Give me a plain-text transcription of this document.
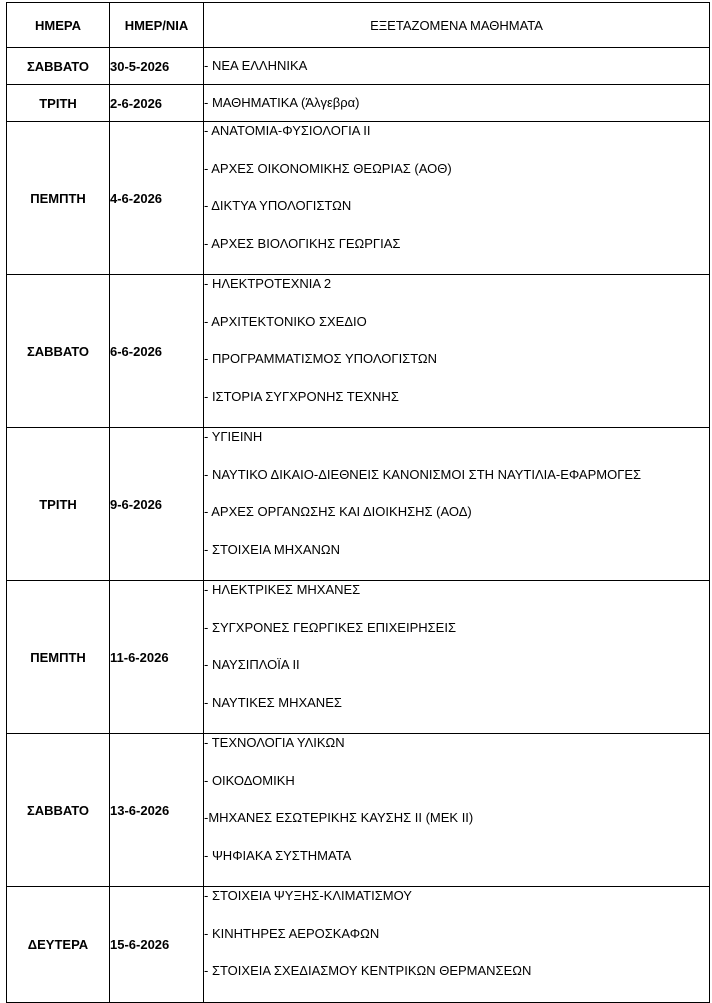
ΗΜΕΡΑ	ΗΜΕΡ/ΝΙΑ	ΕΞΕΤΑΖΟΜΕΝΑ ΜΑΘΗΜΑΤΑ
ΣΑΒΒΑΤΟ	30-5-2026	- ΝΕΑ ΕΛΛΗΝΙΚΑ

ΤΡΙΤΗ	2-6-2026	- ΜΑΘΗΜΑΤΙΚΑ (Άλγεβρα)

ΠΕΜΠΤΗ	4-6-2026	- ΑΝΑΤΟΜΙΑ-ΦΥΣΙΟΛΟΓΙΑ ΙΙ
- ΑΡΧΕΣ ΟΙΚΟΝΟΜΙΚΗΣ ΘΕΩΡΙΑΣ (ΑΟΘ)
- ΔΙΚΤΥΑ ΥΠΟΛΟΓΙΣΤΩΝ
- ΑΡΧΕΣ ΒΙΟΛΟΓΙΚΗΣ ΓΕΩΡΓΙΑΣ

ΣΑΒΒΑΤΟ	6-6-2026	- ΗΛΕΚΤΡΟΤΕΧΝΙΑ 2
- ΑΡΧΙΤΕΚΤΟΝΙΚΟ ΣΧΕΔΙΟ
- ΠΡΟΓΡΑΜΜΑΤΙΣΜΟΣ ΥΠΟΛΟΓΙΣΤΩΝ
- ΙΣΤΟΡΙΑ ΣΥΓΧΡΟΝΗΣ ΤΕΧΝΗΣ

ΤΡΙΤΗ	9-6-2026	- ΥΓΙΕΙΝΗ
- ΝΑΥΤΙΚΟ ΔΙΚΑΙΟ-ΔΙΕΘΝΕΙΣ ΚΑΝΟΝΙΣΜΟΙ ΣΤΗ ΝΑΥΤΙΛΙΑ-ΕΦΑΡΜΟΓΕΣ
- ΑΡΧΕΣ ΟΡΓΑΝΩΣΗΣ ΚΑΙ ΔΙΟΙΚΗΣΗΣ (ΑΟΔ)
- ΣΤΟΙΧΕΙΑ ΜΗΧΑΝΩΝ

ΠΕΜΠΤΗ	11-6-2026	- ΗΛΕΚΤΡΙΚΕΣ ΜΗΧΑΝΕΣ
- ΣΥΓΧΡΟΝΕΣ ΓΕΩΡΓΙΚΕΣ ΕΠΙΧΕΙΡΗΣΕΙΣ
- ΝΑΥΣΙΠΛΟΪΑ ΙΙ
- ΝΑΥΤΙΚΕΣ ΜΗΧΑΝΕΣ

ΣΑΒΒΑΤΟ	13-6-2026	- ΤΕΧΝΟΛΟΓΙΑ ΥΛΙΚΩΝ
- ΟΙΚΟΔΟΜΙΚΗ
-ΜΗΧΑΝΕΣ ΕΣΩΤΕΡΙΚΗΣ ΚΑΥΣΗΣ ΙΙ (ΜΕΚ ΙΙ)
- ΨΗΦΙΑΚΑ ΣΥΣΤΗΜΑΤΑ

ΔΕΥΤΕΡΑ	15-6-2026	- ΣΤΟΙΧΕΙΑ ΨΥΞΗΣ-ΚΛΙΜΑΤΙΣΜΟΥ
- ΚΙΝΗΤΗΡΕΣ ΑΕΡΟΣΚΑΦΩΝ
- ΣΤΟΙΧΕΙΑ ΣΧΕΔΙΑΣΜΟΥ ΚΕΝΤΡΙΚΩΝ ΘΕΡΜΑΝΣΕΩΝ
